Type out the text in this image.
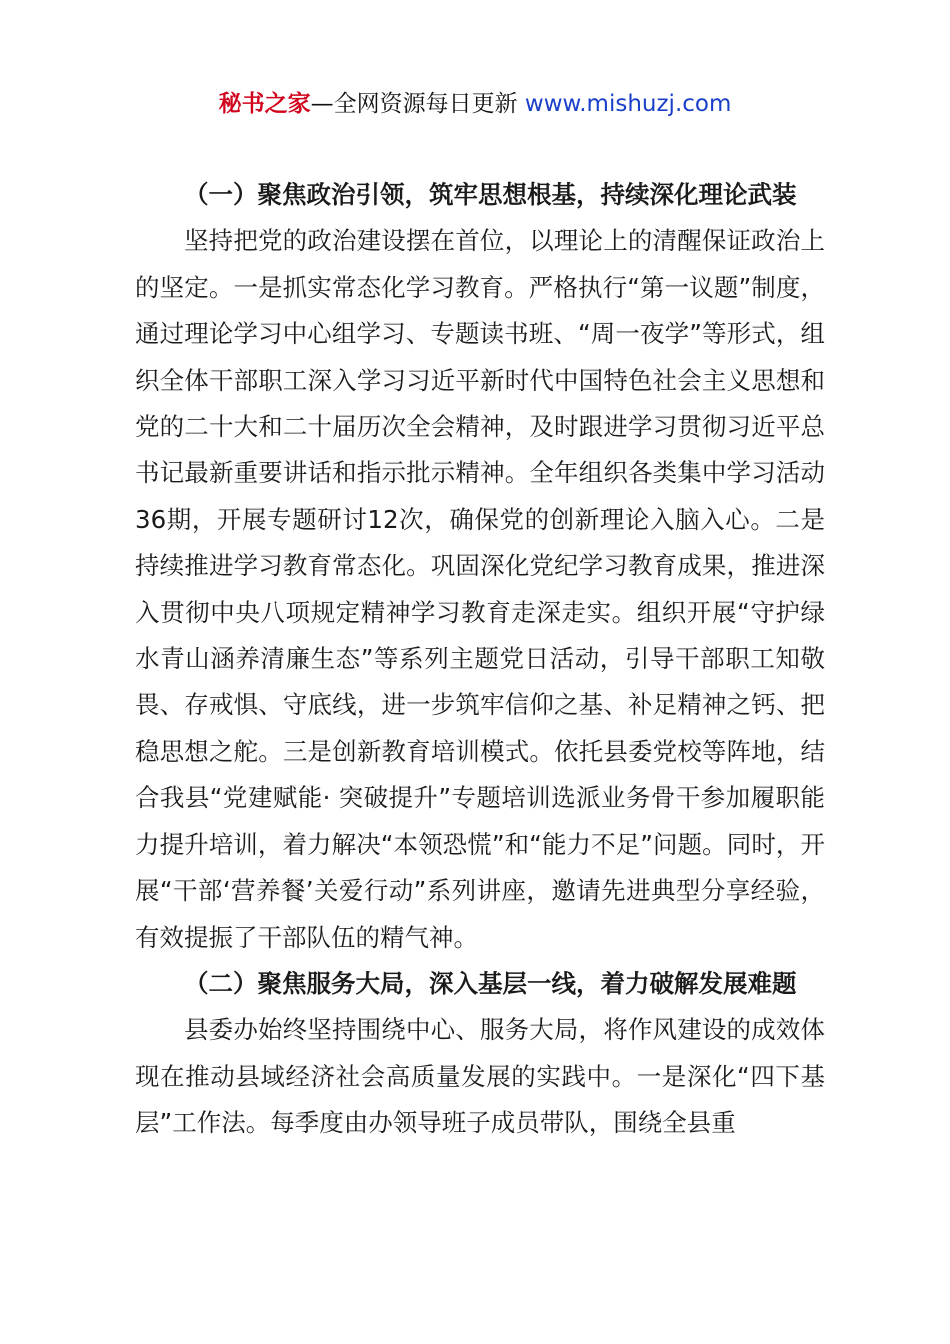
秘书之家—全网资源每日更新 www.mishuzj.com

（一）聚焦政治引领，筑牢思想根基，持续深化理论武装

坚持把党的政治建设摆在首位，以理论上的清醒保证政治上的坚定。一是抓实常态化学习教育。严格执行“第一议题”制度，通过理论学习中心组学习、专题读书班、“周一夜学”等形式，组织全体干部职工深入学习习近平新时代中国特色社会主义思想和党的二十大和二十届历次全会精神，及时跟进学习贯彻习近平总书记最新重要讲话和指示批示精神。全年组织各类集中学习活动36期，开展专题研讨12次，确保党的创新理论入脑入心。二是持续推进学习教育常态化。巩固深化党纪学习教育成果，推进深入贯彻中央八项规定精神学习教育走深走实。组织开展“守护绿水青山涵养清廉生态”等系列主题党日活动，引导干部职工知敬畏、存戒惧、守底线，进一步筑牢信仰之基、补足精神之钙、把稳思想之舵。三是创新教育培训模式。依托县委党校等阵地，结合我县“党建赋能· 突破提升”专题培训选派业务骨干参加履职能力提升培训，着力解决“本领恐慌”和“能力不足”问题。同时，开展“干部‘营养餐’关爱行动”系列讲座，邀请先进典型分享经验，有效提振了干部队伍的精气神。

（二）聚焦服务大局，深入基层一线，着力破解发展难题

县委办始终坚持围绕中心、服务大局，将作风建设的成效体现在推动县域经济社会高质量发展的实践中。一是深化“四下基层”工作法。每季度由办领导班子成员带队，围绕全县重
